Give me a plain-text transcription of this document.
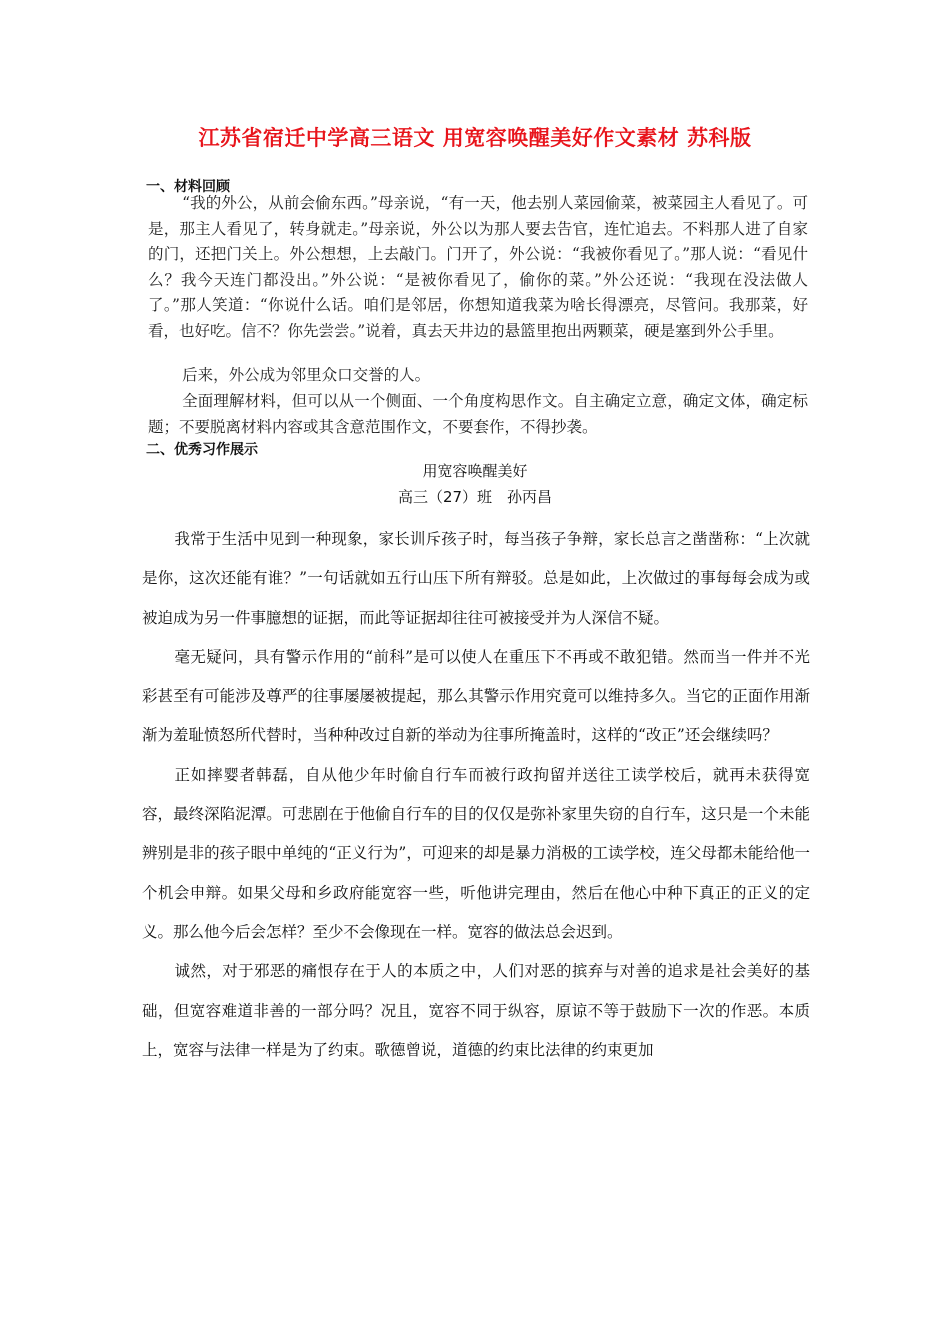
江苏省宿迁中学高三语文 用宽容唤醒美好作文素材 苏科版
一、材料回顾

“我的外公，从前会偷东西。”母亲说，“有一天，他去别人菜园偷菜，被菜园主人看见了。可是，那主人看见了，转身就走。”母亲说，外公以为那人要去告官，连忙追去。不料那人进了自家的门，还把门关上。外公想想，上去敲门。门开了，外公说：“我被你看见了。”那人说：“看见什么？我今天连门都没出。”外公说：“是被你看见了，偷你的菜。”外公还说：“我现在没法做人了。”那人笑道：“你说什么话。咱们是邻居，你想知道我菜为啥长得漂亮，尽管问。我那菜，好看，也好吃。信不？你先尝尝。”说着，真去天井边的悬篮里抱出两颗菜，硬是塞到外公手里。

后来，外公成为邻里众口交誉的人。

全面理解材料，但可以从一个侧面、一个角度构思作文。自主确定立意，确定文体，确定标题；不要脱离材料内容或其含意范围作文，不要套作，不得抄袭。

二、优秀习作展示
用宽容唤醒美好
高三（27）班　孙丙昌

我常于生活中见到一种现象，家长训斥孩子时，每当孩子争辩，家长总言之凿凿称：“上次就是你，这次还能有谁？”一句话就如五行山压下所有辩驳。总是如此，上次做过的事每每会成为或被迫成为另一件事臆想的证据，而此等证据却往往可被接受并为人深信不疑。

毫无疑问，具有警示作用的“前科”是可以使人在重压下不再或不敢犯错。然而当一件并不光彩甚至有可能涉及尊严的往事屡屡被提起，那么其警示作用究竟可以维持多久。当它的正面作用渐渐为羞耻愤怒所代替时，当种种改过自新的举动为往事所掩盖时，这样的“改正”还会继续吗？

正如摔婴者韩磊，自从他少年时偷自行车而被行政拘留并送往工读学校后，就再未获得宽容，最终深陷泥潭。可悲剧在于他偷自行车的目的仅仅是弥补家里失窃的自行车，这只是一个未能辨别是非的孩子眼中单纯的“正义行为”，可迎来的却是暴力消极的工读学校，连父母都未能给他一个机会申辩。如果父母和乡政府能宽容一些，听他讲完理由，然后在他心中种下真正的正义的定义。那么他今后会怎样？至少不会像现在一样。宽容的做法总会迟到。

诚然，对于邪恶的痛恨存在于人的本质之中，人们对恶的摈弃与对善的追求是社会美好的基础，但宽容难道非善的一部分吗？况且，宽容不同于纵容，原谅不等于鼓励下一次的作恶。本质上，宽容与法律一样是为了约束。歌德曾说，道德的约束比法律的约束更加
